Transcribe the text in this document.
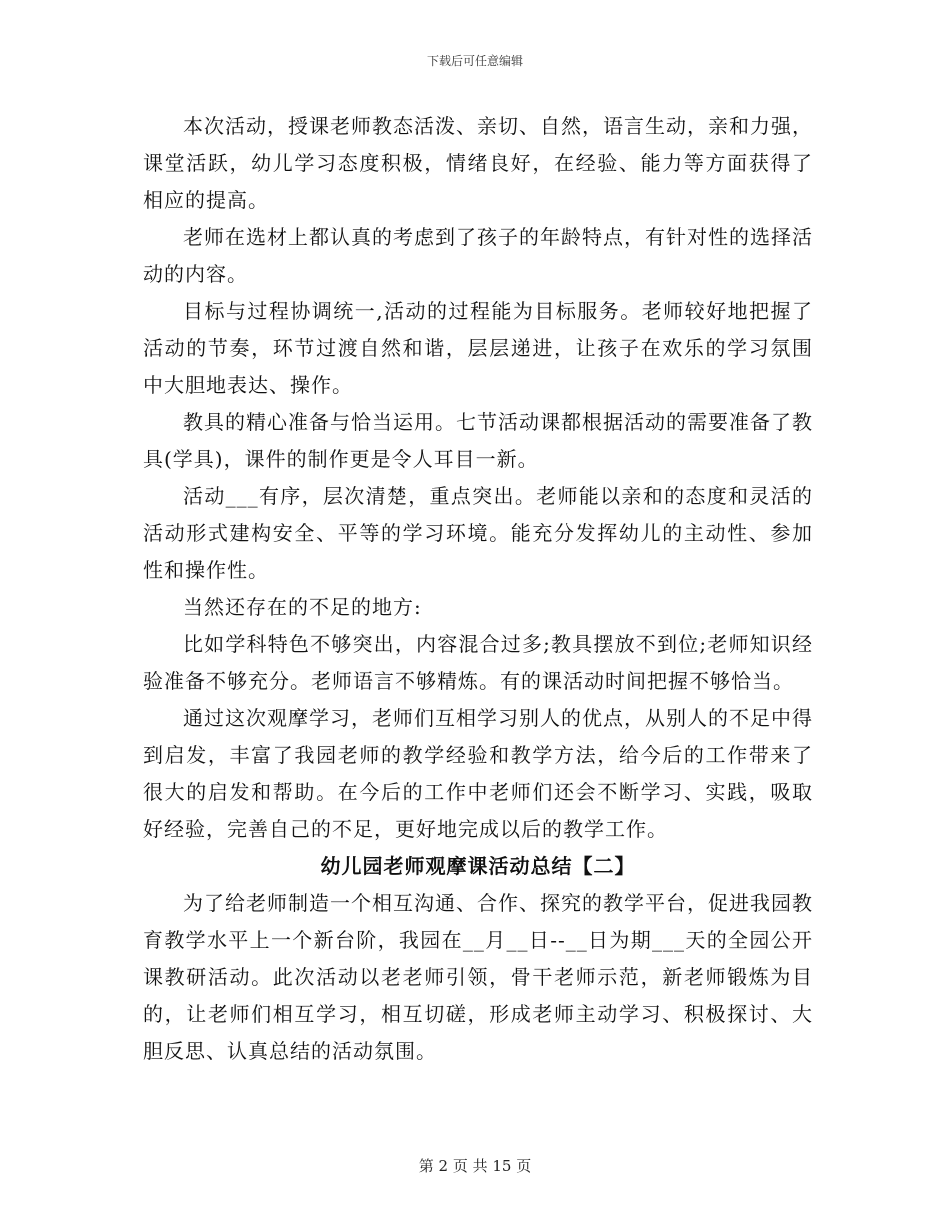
下载后可任意编辑

本次活动，授课老师教态活泼、亲切、自然，语言生动，亲和力强，课堂活跃，幼儿学习态度积极，情绪良好，在经验、能力等方面获得了相应的提高。

老师在选材上都认真的考虑到了孩子的年龄特点，有针对性的选择活动的内容。

目标与过程协调统一,活动的过程能为目标服务。老师较好地把握了活动的节奏，环节过渡自然和谐，层层递进，让孩子在欢乐的学习氛围中大胆地表达、操作。

教具的精心准备与恰当运用。七节活动课都根据活动的需要准备了教具(学具)，课件的制作更是令人耳目一新。

活动___有序，层次清楚，重点突出。老师能以亲和的态度和灵活的活动形式建构安全、平等的学习环境。能充分发挥幼儿的主动性、参加性和操作性。

当然还存在的不足的地方:

比如学科特色不够突出，内容混合过多;教具摆放不到位;老师知识经验准备不够充分。老师语言不够精炼。有的课活动时间把握不够恰当。

通过这次观摩学习，老师们互相学习别人的优点，从别人的不足中得到启发，丰富了我园老师的教学经验和教学方法，给今后的工作带来了很大的启发和帮助。在今后的工作中老师们还会不断学习、实践，吸取好经验，完善自己的不足，更好地完成以后的教学工作。

幼儿园老师观摩课活动总结【二】

为了给老师制造一个相互沟通、合作、探究的教学平台，促进我园教育教学水平上一个新台阶，我园在__月__日--__日为期___天的全园公开课教研活动。此次活动以老老师引领，骨干老师示范，新老师锻炼为目的，让老师们相互学习，相互切磋，形成老师主动学习、积极探讨、大胆反思、认真总结的活动氛围。

第 2 页 共 15 页
